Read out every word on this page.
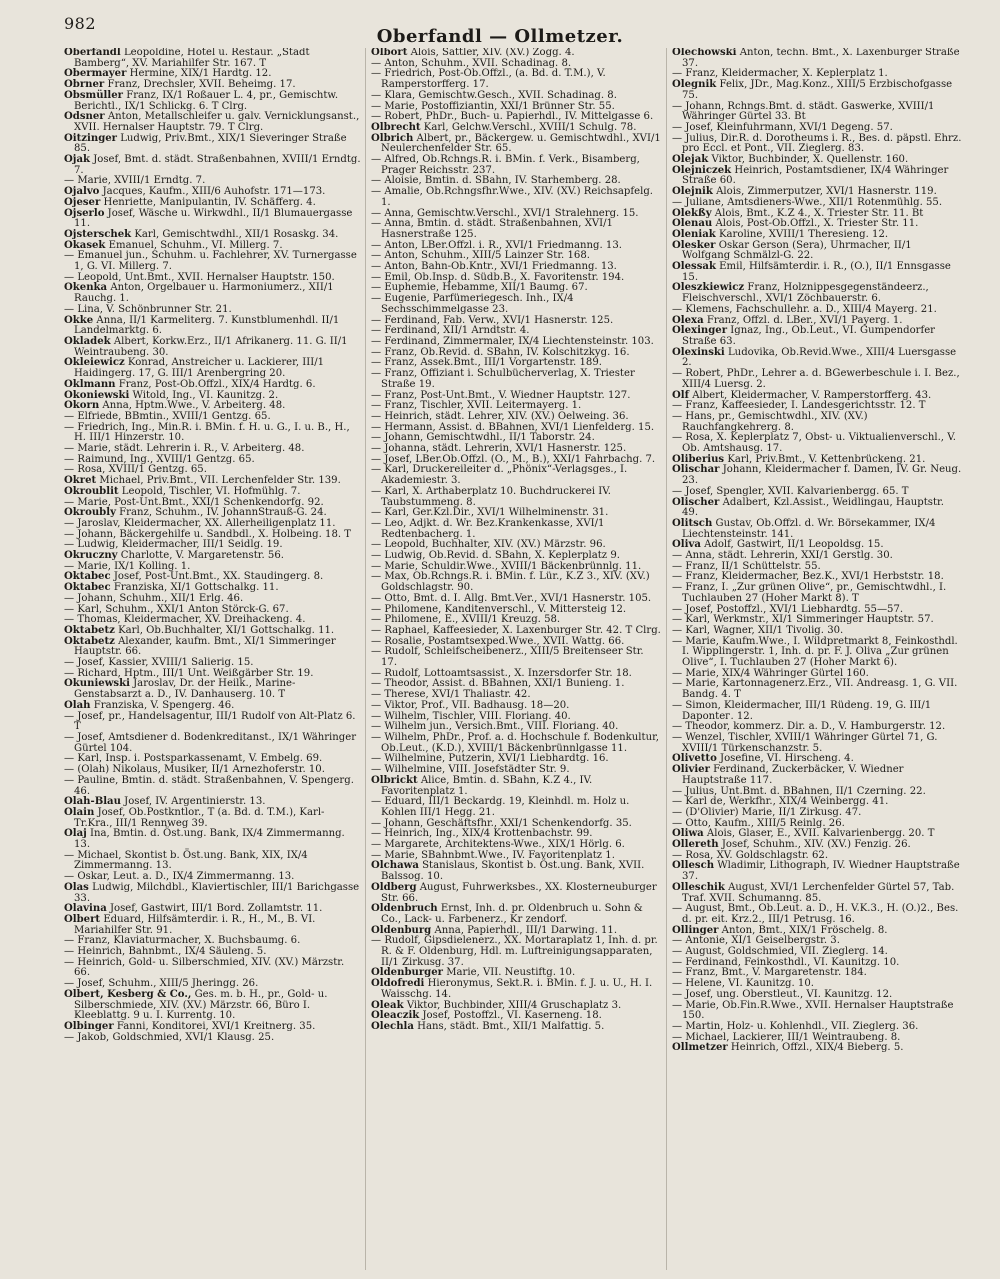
982
Oberfandl — Ollmetzer.

Oberfandl Leopoldine, Hotel u. Restaur. „Stadt Bamberg“, XV. Mariahilfer Str. 167. T

Obermayer Hermine, XIX/1 Hardtg. 12.

Obrner Franz, Drechsler, XVII. Beheimg. 17.

Obsmüller Franz, IX/1 Roßauer L. 4, pr., Gemischtw. Berichtl., IX/1 Schlickg. 6. T Clrg.

Odsner Anton, Metallschleifer u. galv. Vernicklungsanst., XVII. Hernalser Hauptstr. 79. T Clrg.

Oitzinger Ludwig, Priv.Bmt., XIX/1 Sieveringer Straße 85.

Ojak Josef, Bmt. d. städt. Straßenbahnen, XVIII/1 Erndtg. 7.

— Marie, XVIII/1 Erndtg. 7.

Ojalvo Jacques, Kaufm., XIII/6 Auhofstr. 171—173.

Ojeser Henriette, Manipulantin, IV. Schäfferg. 4.

Ojserlo Josef, Wäsche u. Wirkwdhl., II/1 Blumauergasse 11.

Ojsterschek Karl, Gemischtwdhl., XII/1 Rosaskg. 34.

Okasek Emanuel, Schuhm., VI. Millerg. 7.

— Emanuel jun., Schuhm. u. Fachlehrer, XV. Turnergasse 1, G. VI. Millerg. 7.

— Leopold, Unt.Bmt., XVII. Hernalser Hauptstr. 150.

Okenka Anton, Orgelbauer u. Harmoniumerz., XII/1 Rauchg. 1.

— Lina, V. Schönbrunner Str. 21.

Okke Anna, II/1 Karmeliterg. 7. Kunstblumenhdl. II/1 Landelmarktg. 6.

Okladek Albert, Korkw.Erz., II/1 Afrikanerg. 11. G. II/1 Weintraubeng. 30.

Okleiewicz Konrad, Anstreicher u. Lackierer, III/1 Haidingerg. 17, G. III/1 Arenbergring 20.

Oklmann Franz, Post-Ob.Offzl., XIX/4 Hardtg. 6.

Okoniewski Witold, Ing., VI. Kaunitzg. 2.

Okorn Anna, Hptm.Wwe., V. Arbeiterg. 48.

— Elfriede, BBmtin., XVIII/1 Gentzg. 65.

— Friedrich, Ing., Min.R. i. BMin. f. H. u. G., I. u. B., H., H. III/1 Hinzerstr. 10.

— Marie, städt. Lehrerin i. R., V. Arbeiterg. 48.

— Raimund, Ing., XVIII/1 Gentzg. 65.

— Rosa, XVIII/1 Gentzg. 65.

Okret Michael, Priv.Bmt., VII. Lerchenfelder Str. 139.

Okroublit Leopold, Tischler, VI. Hofmühlg. 7.

— Marie, Post-Unt.Bmt., XXI/1 Schenkendorfg. 92.

Okroubly Franz, Schuhm., IV. JohannStrauß-G. 24.

— Jaroslav, Kleidermacher, XX. Allerheiligenplatz 11.

— Johann, Bäckergehilfe u. Sandbdl., X. Holbeing. 18. T

— Ludwig, Kleidermacher, III/1 Seidlg. 19.

Okruczny Charlotte, V. Margaretenstr. 56.

— Marie, IX/1 Kolling. 1.

Oktabec Josef, Post-Unt.Bmt., XX. Staudingerg. 8.

Oktabec Franziska, XI/1 Gottschalkg. 11.

— Johann, Schuhm., XII/1 Erlg. 46.

— Karl, Schuhm., XXI/1 Anton Störck-G. 67.

— Thomas, Kleidermacher, XV. Dreihackeng. 4.

Oktabetz Karl, Ob.Buchhalter, XI/1 Gottschalkg. 11.

Oktabetz Alexander, kaufm. Bmt., XI/1 Simmeringer Hauptstr. 66.

— Josef, Kassier, XVIII/1 Salierig. 15.

— Richard, Hptm., III/1 Unt. Weißgärber Str. 19.

Okuniewski Jaroslav, Dr. der Heilk., Marine-Genstabsarzt a. D., IV. Danhauserg. 10. T

Olah Franziska, V. Spengerg. 46.

— Josef, pr., Handelsagentur, III/1 Rudolf von Alt-Platz 6. T

— Josef, Amtsdiener d. Bodenkreditanst., IX/1 Währinger Gürtel 104.

— Karl, Insp. i. Postsparkassenamt, V. Embelg. 69.

— (Olah) Nikolaus, Musiker, II/1 Arnezhoferstr. 10.

— Pauline, Bmtin. d. städt. Straßenbahnen, V. Spengerg. 46.

Olah-Blau Josef, IV. Argentinierstr. 13.

Olain Josef, Ob.Postkntlor., T (a. Bd. d. T.M.), Karl-Tr.Kra., III/1 Rennweg 39.

Olaj Ina, Bmtin. d. Öst.ung. Bank, IX/4 Zimmermanng. 13.

— Michael, Skontist b. Öst.ung. Bank, XIX, IX/4 Zimmermanng. 13.

— Oskar, Leut. a. D., IX/4 Zimmermanng. 13.

Olas Ludwig, Milchdbl., Klaviertischler, III/1 Barichgasse 33.

Olavina Josef, Gastwirt, III/1 Bord. Zollamtstr. 11.

Olbert Eduard, Hilfsämterdir. i. R., H., M., B. VI. Mariahilfer Str. 91.

— Franz, Klaviaturmacher, X. Buchsbaumg. 6.

— Heinrich, Bahnbmt., IX/4 Säuleng. 5.

— Heinrich, Gold- u. Silberschmied, XIV. (XV.) Märzstr. 66.

— Josef, Schuhm., XIII/5 Jheringg. 26.

Olbert, Kesberg & Co., Ges. m. b. H., pr., Gold- u. Silberschmiede, XIV. (XV.) Märzstr. 66, Büro I. Kleeblattg. 9 u. I. Kurrentg. 10.

Olbinger Fanni, Konditorei, XVI/1 Kreitnerg. 35.

— Jakob, Goldschmied, XVI/1 Klausg. 25.

Olbort Alois, Sattler, XIV. (XV.) Zogg. 4.

— Anton, Schuhm., XVII. Schadinag. 8.

— Friedrich, Post-Ob.Offzl., (a. Bd. d. T.M.), V. Ramperstorfferg. 17.

— Klara, Gemischtw.Gesch., XVII. Schadinag. 8.

— Marie, Postoffiziantin, XXI/1 Brünner Str. 55.

— Robert, PhDr., Buch- u. Papierhdl., IV. Mittelgasse 6.

Olbrecht Karl, Gelchw.Verschl., XVIII/1 Schulg. 78.

Olbrich Albert, pr., Bäckergew. u. Gemischtwdhl., XVI/1 Neulerchenfelder Str. 65.

— Alfred, Ob.Rchngs.R. i. BMin. f. Verk., Bisamberg, Prager Reichsstr. 237.

— Aloisie, Bmtin. d. SBahn, IV. Starhemberg. 28.

— Amalie, Ob.Rchngsfhr.Wwe., XIV. (XV.) Reichsapfelg. 1.

— Anna, Gemischtw.Verschl., XVI/1 Stralehnerg. 15.

— Anna, Bmtin. d. städt. Straßenbahnen, XVI/1 Hasnerstraße 125.

— Anton, LBer.Offzl. i. R., XVI/1 Friedmanng. 13.

— Anton, Schuhm., XIII/5 Lainzer Str. 168.

— Anton, Bahn-Ob.Kntr., XVI/1 Friedmanng. 13.

— Emil, Ob.Insp. d. Südb.B., X. Favoritenstr. 194.

— Euphemie, Hebamme, XII/1 Baumg. 67.

— Eugenie, Parfümeriegesch. Inh., IX/4 Sechsschimmelgasse 23.

— Ferdinand, Fab. Verw., XVI/1 Hasnerstr. 125.

— Ferdinand, XII/1 Arndtstr. 4.

— Ferdinand, Zimmermaler, IX/4 Liechtensteinstr. 103.

— Franz, Ob.Revid. d. SBahn, IV. Kolschitzkyg. 16.

— Franz, Assek.Bmt., III/1 Vorgartenstr. 189.

— Franz, Offiziant i. Schulbücherverlag, X. Triester Straße 19.

— Franz, Post-Unt.Bmt., V. Wiedner Hauptstr. 127.

— Franz, Tischler, XVII. Leitermayerg. 1.

— Heinrich, städt. Lehrer, XIV. (XV.) Oelweing. 36.

— Hermann, Assist. d. BBahnen, XVI/1 Lienfelderg. 15.

— Johann, Gemischtwdhl., II/1 Taborstr. 24.

— Johanna, städt. Lehrerin, XVI/1 Hasnerstr. 125.

— Josef, LBer.Ob.Offzl. (O., M., B.), XXI/1 Fahrbachg. 7.

— Karl, Druckereileiter d. „Phönix“-Verlagsges., I. Akademiestr. 3.

— Karl, X. Arthaberplatz 10. Buchdruckerei IV. Taubstummeng. 8.

— Karl, Ger.Kzl.Dir., XVI/1 Wilhelminenstr. 31.

— Leo, Adjkt. d. Wr. Bez.Krankenkasse, XVI/1 Redtenbacherg. 1.

— Leopold, Buchhalter, XIV. (XV.) Märzstr. 96.

— Ludwig, Ob.Revid. d. SBahn, X. Keplerplatz 9.

— Marie, Schuldir.Wwe., XVIII/1 Bäckenbrünnlg. 11.

— Max, Ob.Rchngs.R. i. BMin. f. Lür., K.Z 3., XIV. (XV.) Goldschlagstr. 90.

— Otto, Bmt. d. I. Allg. Bmt.Ver., XVI/1 Hasnerstr. 105.

— Philomene, Kanditenverschl., V. Mittersteig 12.

— Philomene, E., XVIII/1 Kreuzg. 58.

— Raphael, Kaffeesieder, X. Laxenburger Str. 42. T Clrg.

— Rosalie, Postamtsexped.Wwe., XVII. Wattg. 66.

— Rudolf, Schleifscheibenerz., XIII/5 Breitenseer Str. 17.

— Rudolf, Lottoamtsassist., X. Inzersdorfer Str. 18.

— Theodor, Assist. d. BBahnen, XXI/1 Bunieng. 1.

— Therese, XVI/1 Thaliastr. 42.

— Viktor, Prof., VII. Badhausg. 18—20.

— Wilhelm, Tischler, VIII. Floriang. 40.

— Wilhelm jun., Versich.Bmt., VIII. Floriang. 40.

— Wilhelm, PhDr., Prof. a. d. Hochschule f. Bodenkultur, Ob.Leut., (K.D.), XVIII/1 Bäckenbrünnlgasse 11.

— Wilhelmine, Putzerin, XVI/1 Liebhardtg. 16.

— Wilhelmine, VIII. Josefstädter Str. 9.

Olbrickt Alice, Bmtin. d. SBahn, K.Z 4., IV. Favoritenplatz 1.

— Eduard, III/1 Beckardg. 19, Kleinhdl. m. Holz u. Kohlen III/1 Hegg. 21.

— Johann, Geschäftsfhr., XXI/1 Schenkendorfg. 35.

— Heinrich, Ing., XIX/4 Krottenbachstr. 99.

— Margarete, Architektens-Wwe., XIX/1 Hörlg. 6.

— Marie, SBahnbmt.Wwe., IV. Favoritenplatz 1.

Olchawa Stanislaus, Skontist b. Öst.ung. Bank, XVII. Balssog. 10.

Oldberg August, Fuhrwerksbes., XX. Klosterneuburger Str. 66.

Oldenbruch Ernst, Inh. d. pr. Oldenbruch u. Sohn & Co., Lack- u. Farbenerz., Kr zendorf.

Oldenburg Anna, Papierhdl., III/1 Darwing. 11.

— Rudolf, Gipsdielenerz., XX. Mortaraplatz 1, Inh. d. pr. R. & F. Oldenburg, Hdl. m. Luftreinigungsapparaten, II/1 Zirkusg. 37.

Oldenburger Marie, VII. Neustiftg. 10.

Oldofredi Hieronymus, Sekt.R. i. BMin. f. J. u. U., H. I. Waisschg. 14.

Oleak Viktor, Buchbinder, XIII/4 Gruschaplatz 3.

Oleaczik Josef, Postoffzl., VI. Kaserneng. 18.

Olechla Hans, städt. Bmt., XII/1 Malfattig. 5.

Olechowski Anton, techn. Bmt., X. Laxenburger Straße 37.

— Franz, Kleidermacher, X. Keplerplatz 1.

Olegnik Felix, JDr., Mag.Konz., XIII/5 Erzbischofgasse 75.

— Johann, Rchngs.Bmt. d. städt. Gaswerke, XVIII/1 Währinger Gürtel 33. Bt

— Josef, Kleinfuhrmann, XVI/1 Degeng. 57.

— Julius, Dir.R. d. Dorotheums i. R., Bes. d. päpstl. Ehrz. pro Eccl. et Pont., VII. Zieglerg. 83.

Olejak Viktor, Buchbinder, X. Quellenstr. 160.

Olejniczek Heinrich, Postamtsdiener, IX/4 Währinger Straße 60.

Olejnik Alois, Zimmerputzer, XVI/1 Hasnerstr. 119.

— Juliane, Amtsdieners-Wwe., XII/1 Rotenmühlg. 55.

Olekßy Alois, Bmt., K.Z 4., X. Triester Str. 11. Bt

Olenau Alois, Post-Ob.Offzl., X. Triester Str. 11.

Oleniak Karoline, XVIII/1 Theresieng. 12.

Olesker Oskar Gerson (Sera), Uhrmacher, II/1 Wolfgang Schmälzl-G. 22.

Olessak Emil, Hilfsämterdir. i. R., (O.), II/1 Ennsgasse 15.

Oleszkiewicz Franz, Holznippesgegenständeerz., Fleischverschl., XVI/1 Zöchbauerstr. 6.

— Klemens, Fachschullehr. a. D., XIII/4 Mayerg. 21.

Olexa Franz, Offzl. d. LBer., XVI/1 Payerg. 1.

Olexinger Ignaz, Ing., Ob.Leut., VI. Gumpendorfer Straße 63.

Olexinski Ludovika, Ob.Revid.Wwe., XIII/4 Luersgasse 2.

— Robert, PhDr., Lehrer a. d. BGewerbeschule i. I. Bez., XIII/4 Luersg. 2.

Olf Albert, Kleidermacher, V. Ramperstorfferg. 43.

— Franz, Kaffeesieder, I. Landesgerichtsstr. 12. T

— Hans, pr., Gemischtwdhl., XIV. (XV.) Rauchfangkehrerg. 8.

— Rosa, X. Keplerplatz 7, Obst- u. Viktualienverschl., V. Ob. Amtshausg. 17.

Oliberius Karl, Priv.Bmt., V. Kettenbrückeng. 21.

Olischar Johann, Kleidermacher f. Damen, IV. Gr. Neug. 23.

— Josef, Spengler, XVII. Kalvarienbergg. 65. T

Olischer Adalbert, Kzl.Assist., Weidlingau, Hauptstr. 49.

Olitsch Gustav, Ob.Offzl. d. Wr. Börsekammer, IX/4 Liechtensteinstr. 141.

Oliva Adolf, Gastwirt, II/1 Leopoldsg. 15.

— Anna, städt. Lehrerin, XXI/1 Gerstlg. 30.

— Franz, II/1 Schüttelstr. 55.

— Franz, Kleidermacher, Bez.K., XVI/1 Herbststr. 18.

— Franz, I. „Zur grünen Olive“, pr., Gemischtwdhl., I. Tuchlauben 27 (Hoher Markt 8). T

— Josef, Postoffzl., XVI/1 Liebhardtg. 55—57.

— Karl, Werkmstr., XI/1 Simmeringer Hauptstr. 57.

— Karl, Wagner, XII/1 Tivolig. 30.

— Marie, Kaufm.Wwe., I. Wildpretmarkt 8, Feinkosthdl. I. Wipplingerstr. 1, Inh. d. pr. F. J. Oliva „Zur grünen Olive“, I. Tuchlauben 27 (Hoher Markt 6).

— Marie, XIX/4 Währinger Gürtel 160.

— Marie, Kartonnagenerz.Erz., VII. Andreasg. 1, G. VII. Bandg. 4. T

— Simon, Kleidermacher, III/1 Rüdeng. 19, G. III/1 Dapontег. 12.

— Theodor, kommerz. Dir. a. D., V. Hamburgerstr. 12.

— Wenzel, Tischler, XVIII/1 Währinger Gürtel 71, G. XVIII/1 Türkenschanzstr. 5.

Olivetto Josefine, VI. Hirscheng. 4.

Olivier Ferdinand, Zuckerbäcker, V. Wiedner Hauptstraße 117.

— Julius, Unt.Bmt. d. BBahnen, II/1 Czerning. 22.

— Karl de, Werkfhr., XIX/4 Weinbergg. 41.

— (D'Olivier) Marie, II/1 Zirkusg. 47.

— Otto, Kaufm., XIII/5 Reinlg. 26.

Oliwa Alois, Glaser, E., XVII. Kalvarienbergg. 20. T

Ollereth Josef, Schuhm., XIV. (XV.) Fenzig. 26.

— Rosa, XV. Goldschlagstr. 62.

Ollesch Wladimir, Lithograph, IV. Wiedner Hauptstraße 37.

Olleschik August, XVI/1 Lerchenfelder Gürtel 57, Tab. Traf. XVII. Schumanng. 85.

— August, Bmt., Ob.Leut. a. D., H. V.K.3., H. (O.)2., Bes. d. pr. eit. Krz.2., III/1 Petrusg. 16.

Ollinger Anton, Bmt., XIX/1 Fröschelg. 8.

— Antonie, XI/1 Geiselbergstr. 3.

— August, Goldschmied, VII. Zieglerg. 14.

— Ferdinand, Feinkosthdl., VI. Kaunitzg. 10.

— Franz, Bmt., V. Margaretenstr. 184.

— Helene, VI. Kaunitzg. 10.

— Josef, ung. Oberstleut., VI. Kaunitzg. 12.

— Marie, Ob.Fin.R.Wwe., XVII. Hernalser Hauptstraße 150.

— Martin, Holz- u. Kohlenhdl., VII. Zieglerg. 36.

— Michael, Lackierer, III/1 Weintraubeng. 8.

Ollmetzer Heinrich, Offzl., XIX/4 Bieberg. 5.
